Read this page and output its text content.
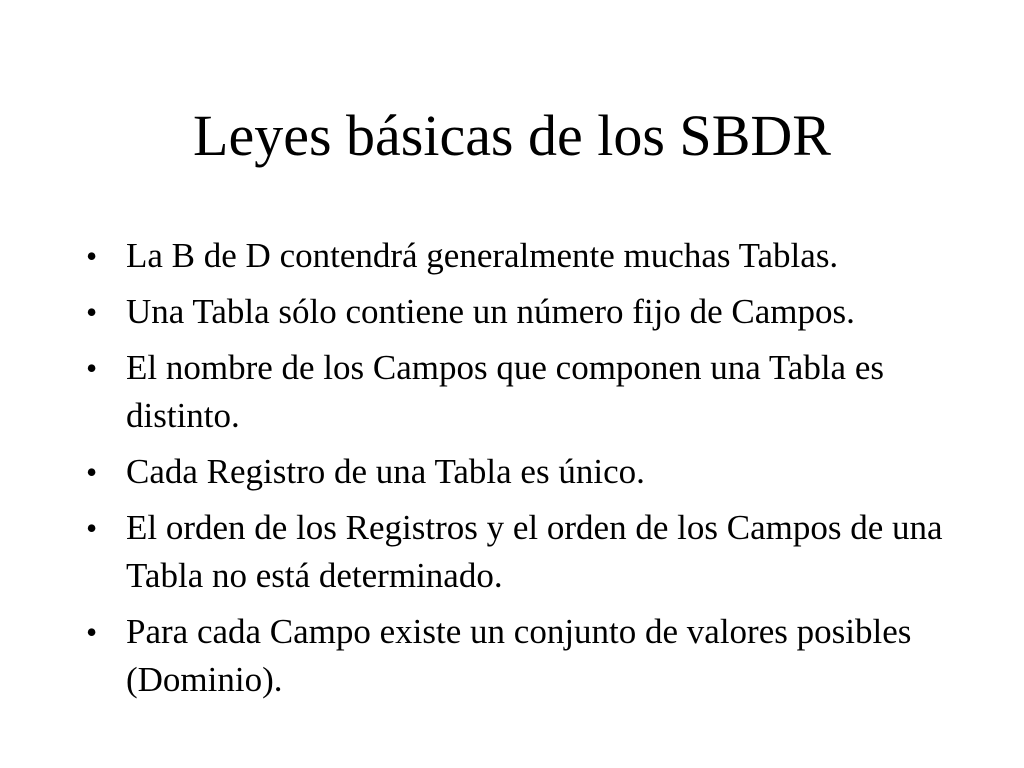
Leyes básicas de los SBDR
• La B de D contendrá generalmente muchas Tablas.
• Una Tabla sólo contiene un número fijo de Campos.
• El nombre de los Campos que componen una Tabla es distinto.
• Cada Registro de una Tabla es único.
• El orden de los Registros y el orden de los Campos de una Tabla no está determinado.
• Para cada Campo existe un conjunto de valores posibles (Dominio).
